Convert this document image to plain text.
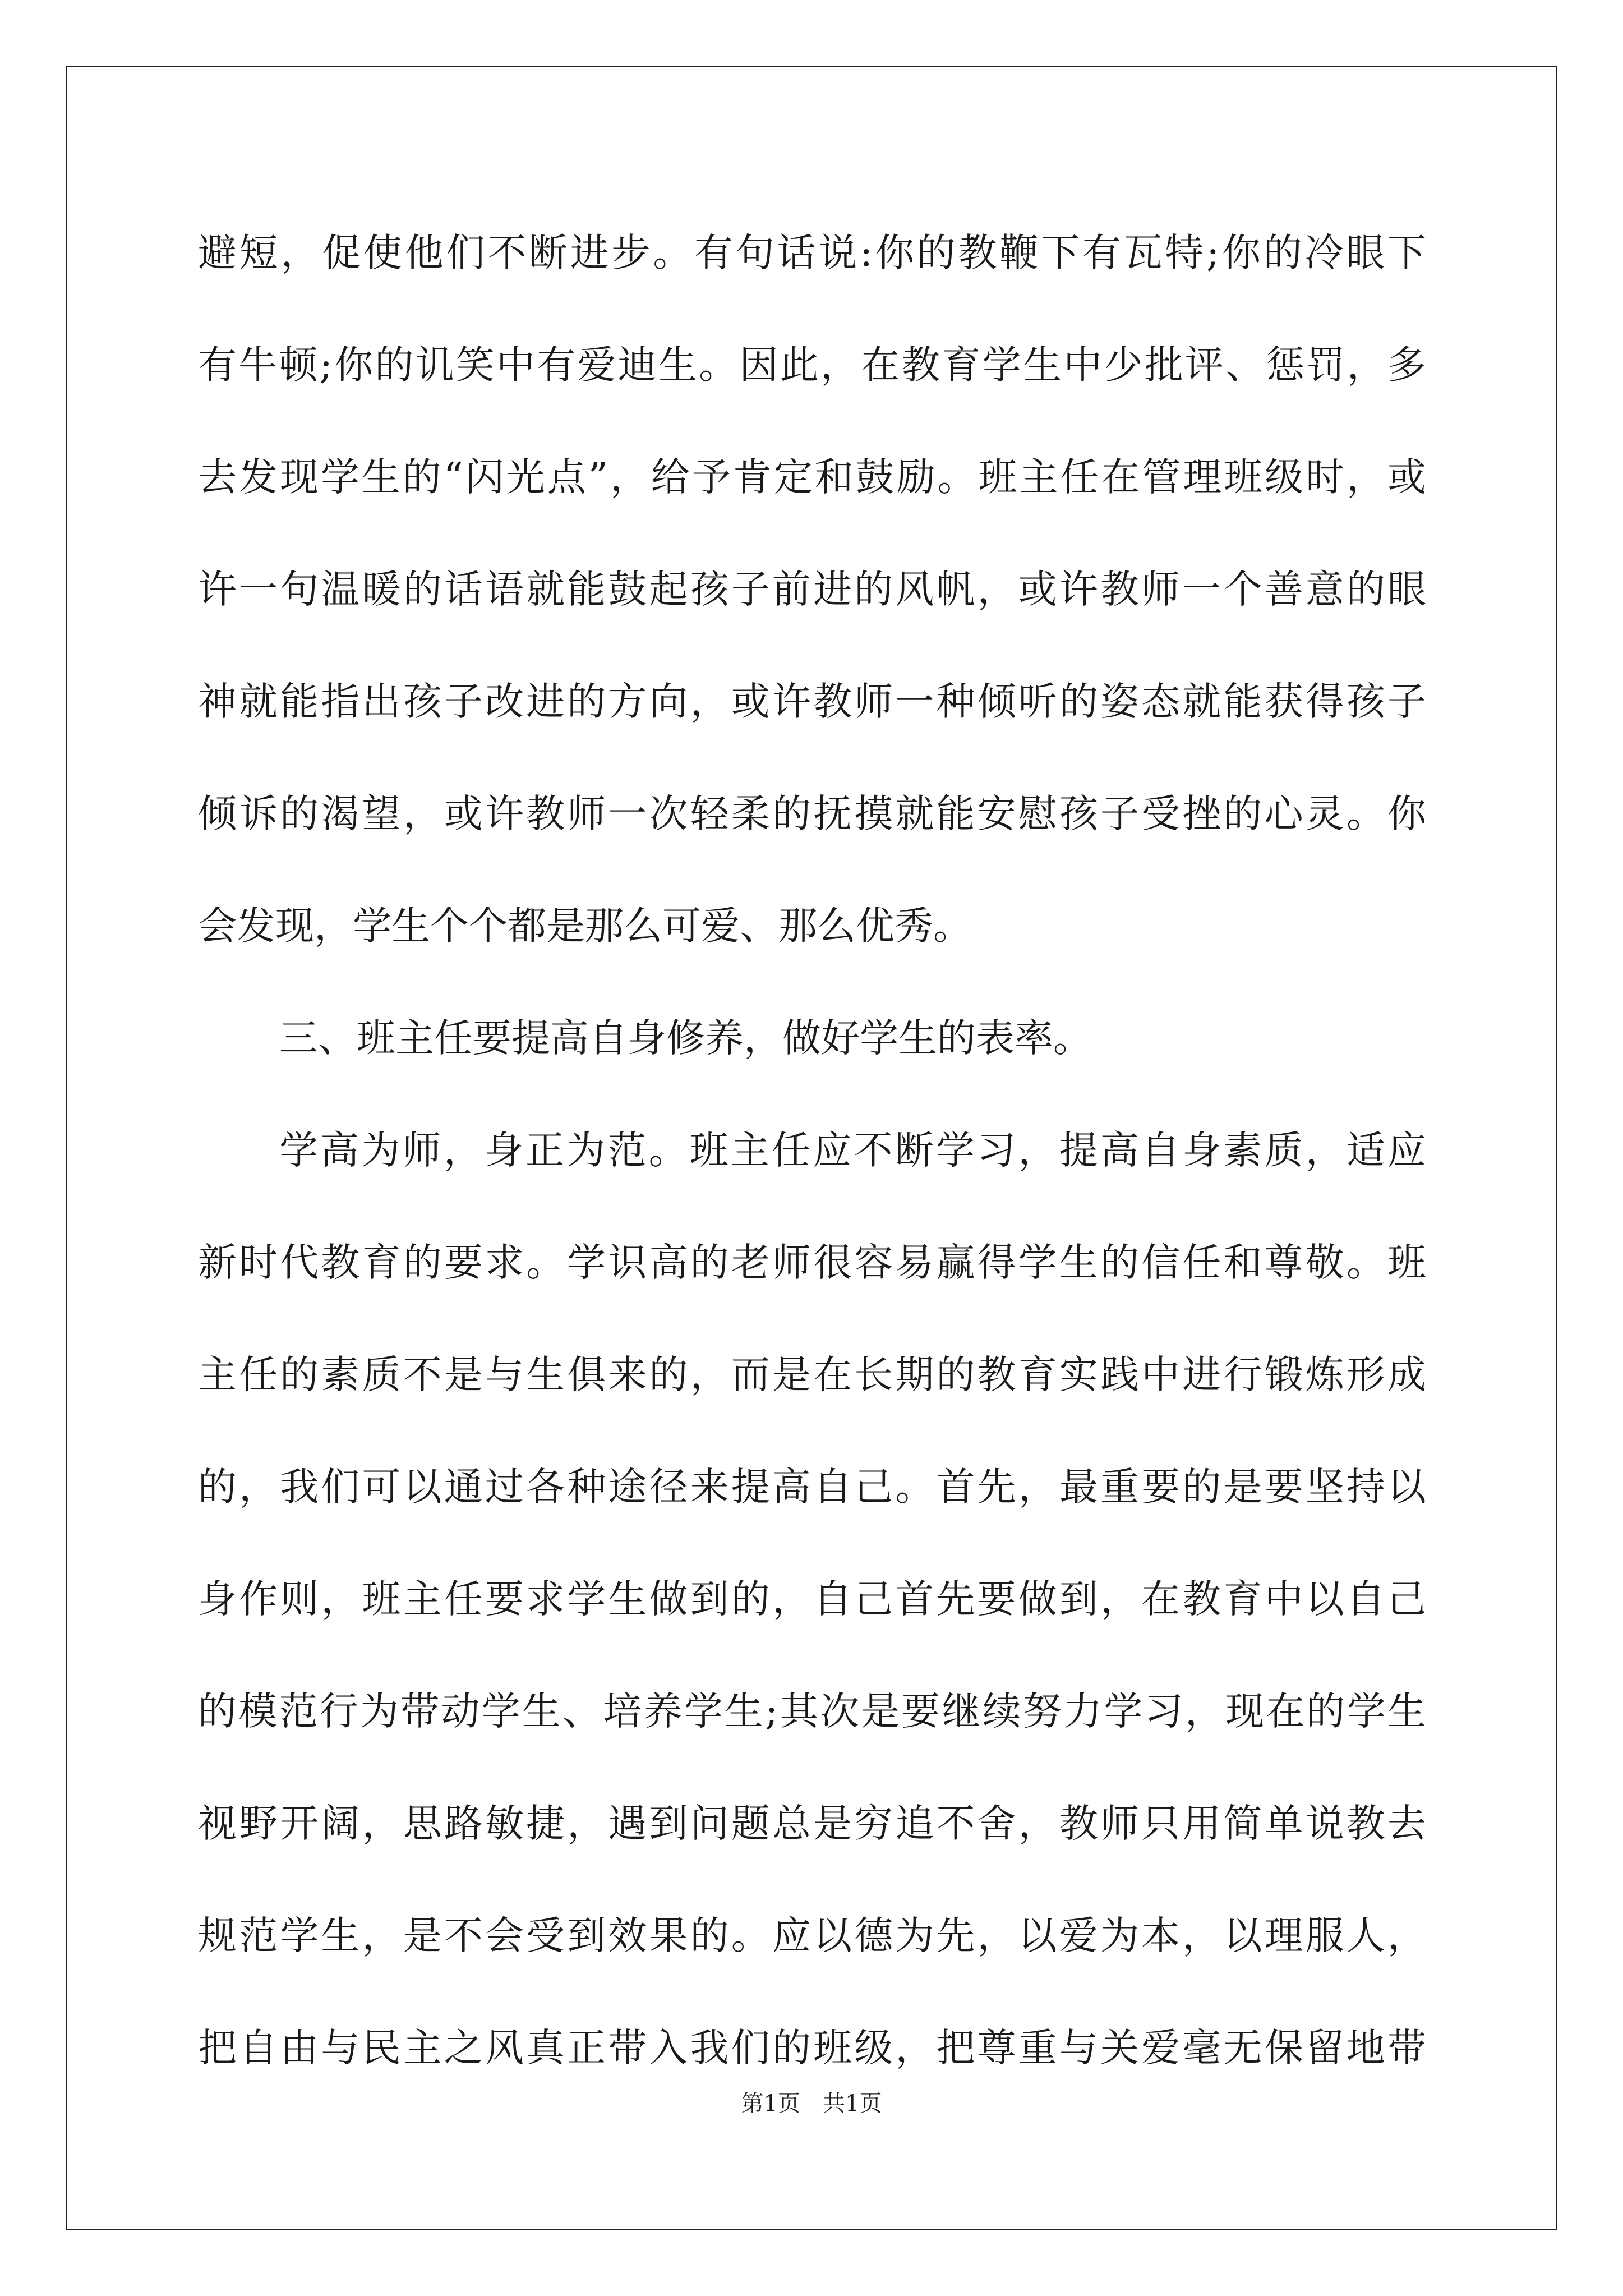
避短，促使他们不断进步。有句话说:你的教鞭下有瓦特;你的冷眼下
有牛顿;你的讥笑中有爱迪生。因此，在教育学生中少批评、惩罚，多
去发现学生的“闪光点”，给予肯定和鼓励。班主任在管理班级时，或
许一句温暖的话语就能鼓起孩子前进的风帆，或许教师一个善意的眼
神就能指出孩子改进的方向，或许教师一种倾听的姿态就能获得孩子
倾诉的渴望，或许教师一次轻柔的抚摸就能安慰孩子受挫的心灵。你
会发现，学生个个都是那么可爱、那么优秀。
三、班主任要提高自身修养，做好学生的表率。
学高为师，身正为范。班主任应不断学习，提高自身素质，适应
新时代教育的要求。学识高的老师很容易赢得学生的信任和尊敬。班
主任的素质不是与生俱来的，而是在长期的教育实践中进行锻炼形成
的，我们可以通过各种途径来提高自己。首先，最重要的是要坚持以
身作则，班主任要求学生做到的，自己首先要做到，在教育中以自己
的模范行为带动学生、培养学生;其次是要继续努力学习，现在的学生
视野开阔，思路敏捷，遇到问题总是穷追不舍，教师只用简单说教去
规范学生，是不会受到效果的。应以德为先，以爱为本，以理服人，
把自由与民主之风真正带入我们的班级，把尊重与关爱毫无保留地带
第1页　共1页
